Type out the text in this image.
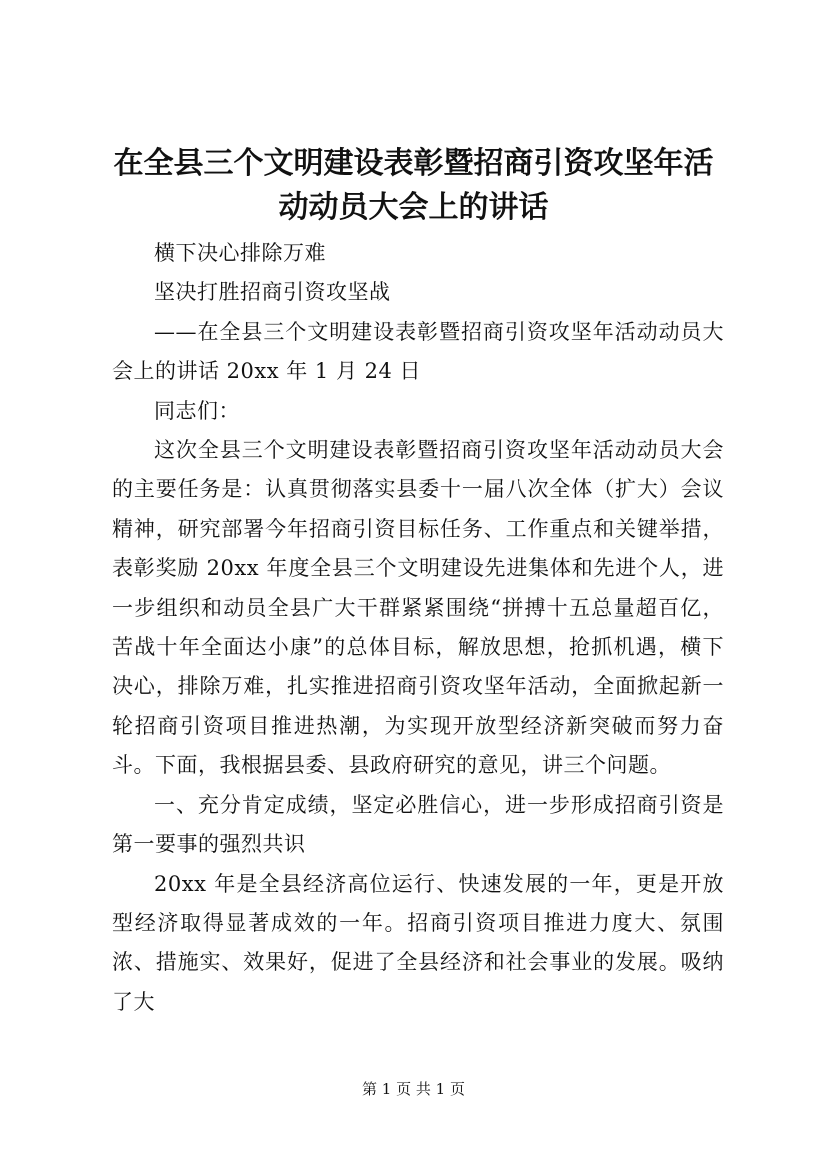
在全县三个文明建设表彰暨招商引资攻坚年活
动动员大会上的讲话

横下决心排除万难

坚决打胜招商引资攻坚战

——在全县三个文明建设表彰暨招商引资攻坚年活动动员大会上的讲话 20xx 年 1 月 24 日

同志们：

这次全县三个文明建设表彰暨招商引资攻坚年活动动员大会的主要任务是：认真贯彻落实县委十一届八次全体（扩大）会议精神，研究部署今年招商引资目标任务、工作重点和关键举措，表彰奖励 20xx 年度全县三个文明建设先进集体和先进个人，进一步组织和动员全县广大干群紧紧围绕“拼搏十五总量超百亿，苦战十年全面达小康”的总体目标，解放思想，抢抓机遇，横下决心，排除万难，扎实推进招商引资攻坚年活动，全面掀起新一轮招商引资项目推进热潮，为实现开放型经济新突破而努力奋斗。下面，我根据县委、县政府研究的意见，讲三个问题。

一、充分肯定成绩，坚定必胜信心，进一步形成招商引资是第一要事的强烈共识

20xx 年是全县经济高位运行、快速发展的一年，更是开放型经济取得显著成效的一年。招商引资项目推进力度大、氛围浓、措施实、效果好，促进了全县经济和社会事业的发展。吸纳了大

第 1 页 共 1 页
